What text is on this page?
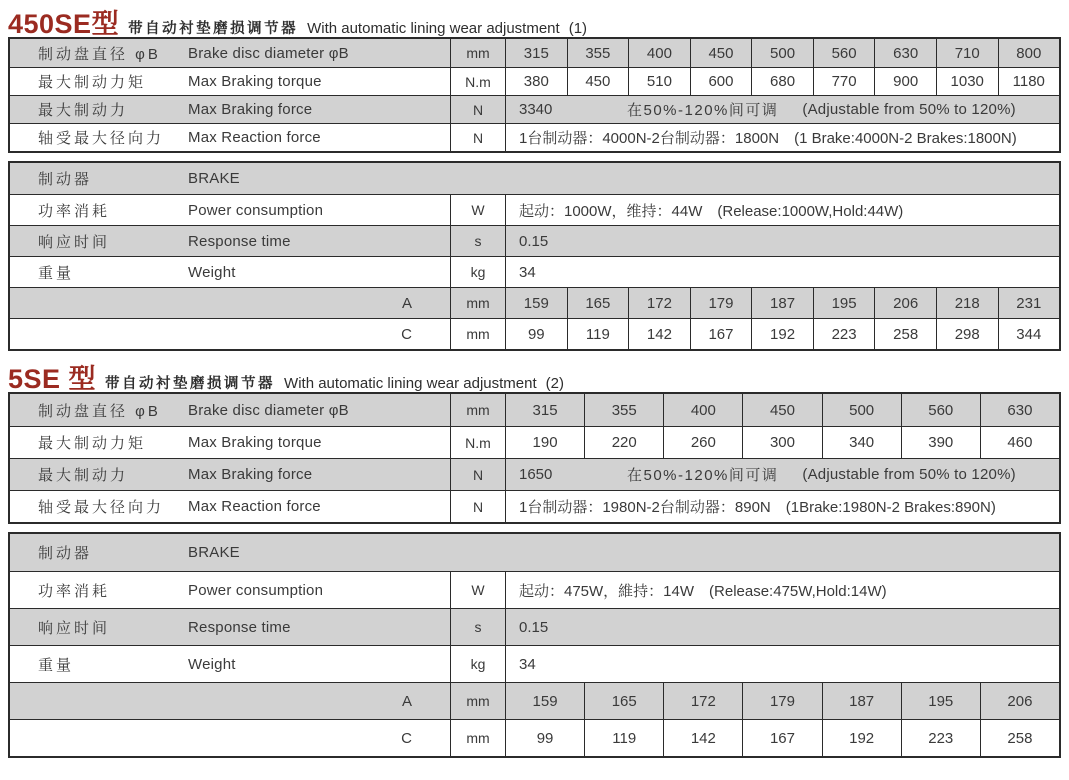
450SE型 带自动衬垫磨损调节器 With automatic lining wear adjustment (1)
制动盘直径 φB	Brake disc diameter φB	mm	315	355	400	450	500	560	630	710	800
最大制动力矩	Max Braking torque	N.m	380	450	510	600	680	770	900	1030	1180
最大制动力	Max Braking force	N	3340	在50%-120%间可调 (Adjustable from 50% to 120%)
轴受最大径向力	Max Reaction force	N	1台制动器：4000N-2台制动器：1800N　(1 Brake:4000N-2 Brakes:1800N)
制动器	BRAKE
功率消耗	Power consumption	W	起动：1000W，维持：44W　(Release:1000W,Hold:44W)
响应时间	Response time	s	0.15
重量	Weight	kg	34
A	mm	159	165	172	179	187	195	206	218	231
C	mm	99	119	142	167	192	223	258	298	344
5SE 型 带自动衬垫磨损调节器 With automatic lining wear adjustment (2)
制动盘直径 φB	Brake disc diameter φB	mm	315	355	400	450	500	560	630
最大制动力矩	Max Braking torque	N.m	190	220	260	300	340	390	460
最大制动力	Max Braking force	N	1650	在50%-120%间可调 (Adjustable from 50% to 120%)
轴受最大径向力	Max Reaction force	N	1台制动器：1980N-2台制动器：890N　(1Brake:1980N-2 Brakes:890N)
制动器	BRAKE
功率消耗	Power consumption	W	起动：475W，維持：14W　(Release:475W,Hold:14W)
响应时间	Response time	s	0.15
重量	Weight	kg	34
A	mm	159	165	172	179	187	195	206
C	mm	99	119	142	167	192	223	258
